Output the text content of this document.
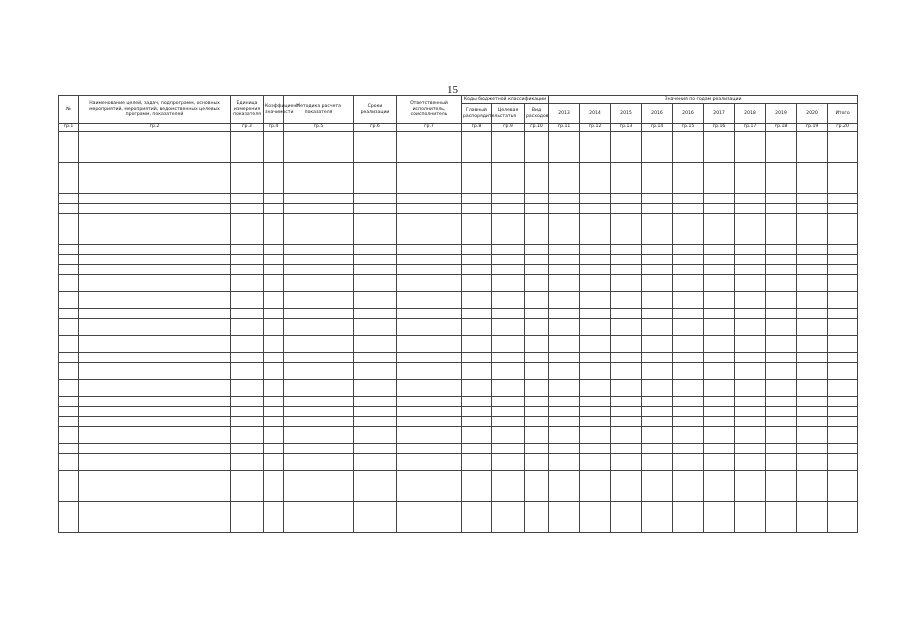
15
№	Наименование целей, задач, подпрограмм, основных мероприятий, мероприятий, ведомственных целевых программ, показателей	Единица измерения показателя	Коэффициент значимости	Методика расчета показателя	Сроки реализации	Ответственный исполнитель, соисполнитель	Коды бюджетной классификации			Значения по годам реализации									
							Главный распорядитель	Целевая статья	Вид расходов	2013	2014	2015	2016	2016	2017	2018	2019	2020	Итого
гр.1	гр.2	гр.3	гр.4	гр.5	гр.6	гр.7	гр.8	гр.9	гр.10	гр.11	гр.12	гр.13	гр.14	гр.15	гр.16	гр.17	гр.18	гр.19	гр.20
